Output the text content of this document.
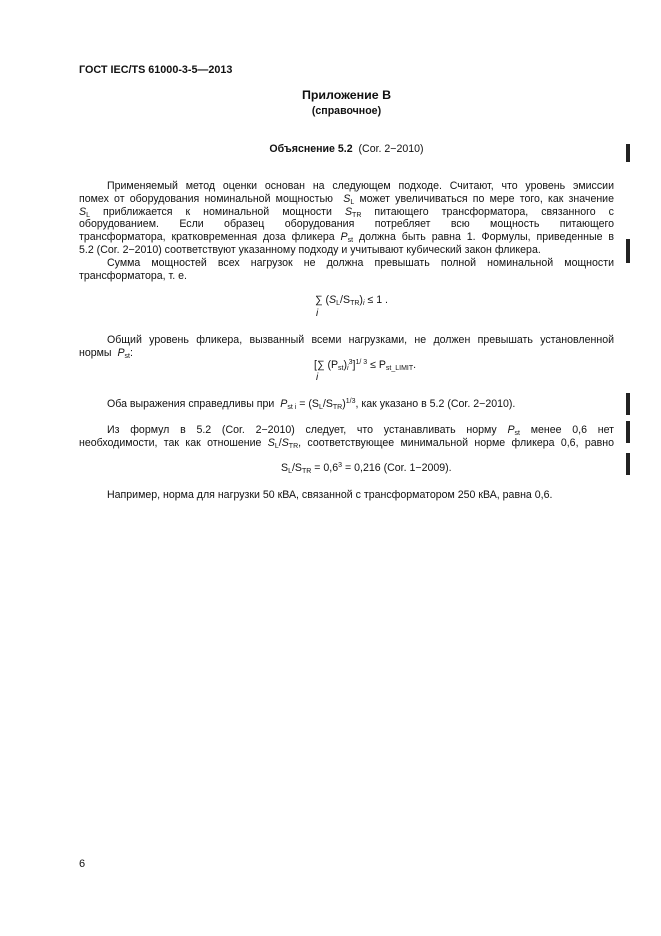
ГОСТ IEC/TS 61000-3-5—2013
Приложение В
(справочное)
Объяснение 5.2 (Cor. 2−2010)
Применяемый метод оценки основан на следующем подходе. Считают, что уровень эмиссии
помех от оборудования номинальной мощностью $S_L$ может увеличиваться по мере того, как значение
$S_L$ приближается к номинальной мощности $S_{TR}$ питающего трансформатора, связанного с
оборудованием. Если образец оборудования потребляет всю мощность питающего
трансформатора, кратковременная доза фликера $P_{st}$ должна быть равна 1. Формулы, приведенные в
5.2 (Cor. 2−2010) соответствуют указанному подходу и учитывают кубический закон фликера.
Сумма мощностей всех нагрузок не должна превышать полной номинальной мощности
трансформатора, т. е.
∑ $(S_L/S_{TR})_i \le 1$ .
i
Общий уровень фликера, вызванный всеми нагрузками, не должен превышать установленной
нормы $P_{st}$:
[∑ $(P_{st})_i^3]^{1/ 3} \le P_{st\_LIMIT}$.
i
Оба выражения справедливы при $P_{st i} = (S_L/S_{TR})^{1/3}$, как указано в 5.2 (Cor. 2−2010).
Из формул в 5.2 (Cor. 2−2010) следует, что устанавливать норму $P_{st}$ менее 0,6 нет
необходимости, так как отношение $S_L/S_{TR}$, соответствующее минимальной норме фликера 0,6, равно
$S_L/S_{TR} = 0,6^3 = 0,216$ (Cor. 1−2009).
Например, норма для нагрузки 50 кВА, связанной с трансформатором 250 кВА, равна 0,6.
6
